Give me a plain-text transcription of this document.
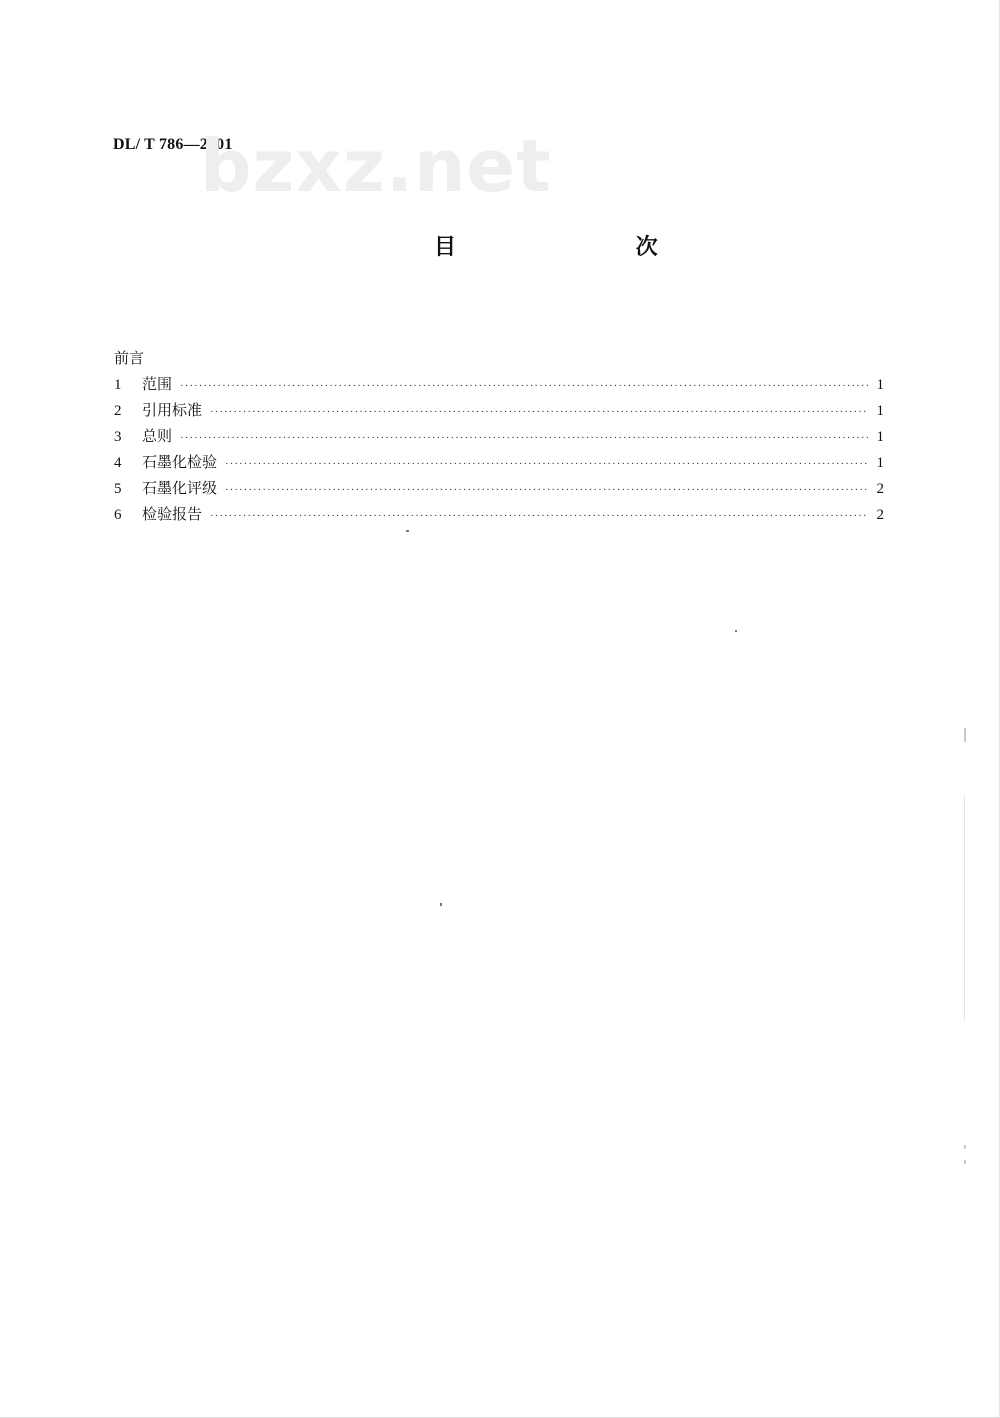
DL/ T 786—2001
bzxz.net
目 次
前言
1	范围 ·····	1
2	引用标准 ·····	1
3	总则 ·····	1
4	石墨化检验 ·····	1
5	石墨化评级 ·····	2
6	检验报告 ·····	2
